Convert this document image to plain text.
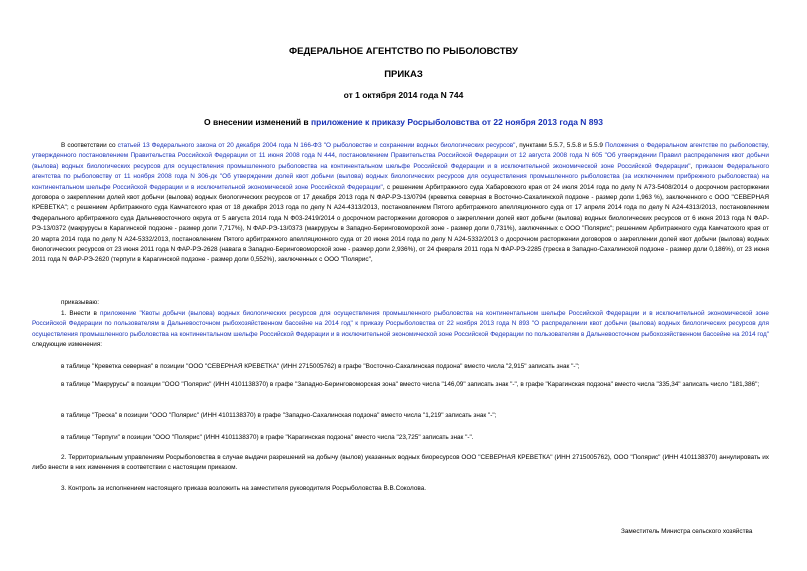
ФЕДЕРАЛЬНОЕ АГЕНТСТВО ПО РЫБОЛОВСТВУ
ПРИКАЗ
от 1 октября 2014 года N 744
О внесении изменений в приложение к приказу Росрыболовства от 22 ноября 2013 года N 893

В соответствии со статьей 13 Федерального закона от 20 декабря 2004 года N 166-ФЗ "О рыболовстве и сохранении водных биологических ресурсов", пунктами 5.5.7, 5.5.8 и 5.5.9 Положения о Федеральном агентстве по рыболовству, утвержденного постановлением Правительства Российской Федерации от 11 июня 2008 года N 444, постановлением Правительства Российской Федерации от 12 августа 2008 года N 605 "Об утверждении Правил распределения квот добычи (вылова) водных биологических ресурсов для осуществления промышленного рыболовства на континентальном шельфе Российской Федерации и в исключительной экономической зоне Российской Федерации", приказом Федерального агентства по рыболовству от 11 ноября 2008 года N 306-дк "Об утверждении долей квот добычи (вылова) водных биологических ресурсов для осуществления промышленного рыболовства (за исключением прибрежного рыболовства) на континентальном шельфе Российской Федерации и в исключительной экономической зоне Российской Федерации", с решением Арбитражного суда Хабаровского края от 24 июля 2014 года по делу N А73-5408/2014 о досрочном расторжении договора о закреплении долей квот добычи (вылова) водных биологических ресурсов от 17 декабря 2013 года N ФАР-РЭ-13/0794 (креветка северная в Восточно-Сахалинской подзоне - размер доли 1,963 %), заключенного с ООО "СЕВЕРНАЯ КРЕВЕТКА"; с решением Арбитражного суда Камчатского края от 18 декабря 2013 года по делу N А24-4313/2013, постановлением Пятого арбитражного апелляционного суда от 17 апреля 2014 года по делу N А24-4313/2013, постановлением Федерального арбитражного суда Дальневосточного округа от 5 августа 2014 года N Ф03-2419/2014 о досрочном расторжении договоров о закреплении долей квот добычи (вылова) водных биологических ресурсов от 6 июня 2013 года N ФАР-РЭ-13/0372 (макрурусы в Карагинской подзоне - размер доли 7,717%), N ФАР-РЭ-13/0373 (макрурусы в Западно-Беринговоморской зоне - размер доли 0,731%), заключенных с ООО "Полярис"; решением Арбитражного суда Камчатского края от 20 марта 2014 года по делу N А24-5332/2013, постановлением Пятого арбитражного апелляционного суда от 20 июня 2014 года по делу N А24-5332/2013 о досрочном расторжении договоров о закреплении долей квот добычи (вылова) водных биологических ресурсов от 23 июня 2011 года N ФАР-РЭ-2628 (навага в Западно-Беринговоморской зоне - размер доли 2,936%), от 24 февраля 2011 года N ФАР-РЭ-2285 (треска в Западно-Сахалинской подзоне - размер доли 0,186%), от 23 июня 2011 года N ФАР-РЭ-2620 (терпуги в Карагинской подзоне - размер доли 0,552%), заключенных с ООО "Полярис",

приказываю:

1. Внести в приложение "Квоты добычи (вылова) водных биологических ресурсов для осуществления промышленного рыболовства на континентальном шельфе Российской Федерации и в исключительной экономической зоне Российской Федерации по пользователям в Дальневосточном рыбохозяйственном бассейне на 2014 год" к приказу Росрыболовства от 22 ноября 2013 года N 893 "О распределении квот добычи (вылова) водных биологических ресурсов для осуществления промышленного рыболовства на континентальном шельфе Российской Федерации и в исключительной экономической зоне Российской Федерации по пользователям в Дальневосточном рыбохозяйственном бассейне на 2014 год" следующие изменения:

в таблице "Креветка северная" в позиции "ООО "СЕВЕРНАЯ КРЕВЕТКА" (ИНН 2715005762) в графе "Восточно-Сахалинская подзона" вместо числа "2,915" записать знак "-";

в таблице "Макрурусы" в позиции "ООО "Полярис" (ИНН 4101138370) в графе "Западно-Беринговоморская зона" вместо числа "146,09" записать знак "-", в графе "Карагинская подзона" вместо числа "335,34" записать число "181,386";

в таблице "Треска" в позиции "ООО "Полярис" (ИНН 4101138370) в графе "Западно-Сахалинская подзона" вместо числа "1,219" записать знак "-";

в таблице "Терпуги" в позиции "ООО "Полярис" (ИНН 4101138370) в графе "Карагинская подзона" вместо числа "23,725" записать знак "-".

2. Территориальным управлениям Росрыболовства в случае выдачи разрешений на добычу (вылов) указанных водных биоресурсов ООО "СЕВЕРНАЯ КРЕВЕТКА" (ИНН 2715005762), ООО "Полярис" (ИНН 4101138370) аннулировать их либо внести в них изменения в соответствии с настоящим приказом.

3. Контроль за исполнением настоящего приказа возложить на заместителя руководителя Росрыболовства В.В.Соколова.

Заместитель Министра сельского хозяйства
